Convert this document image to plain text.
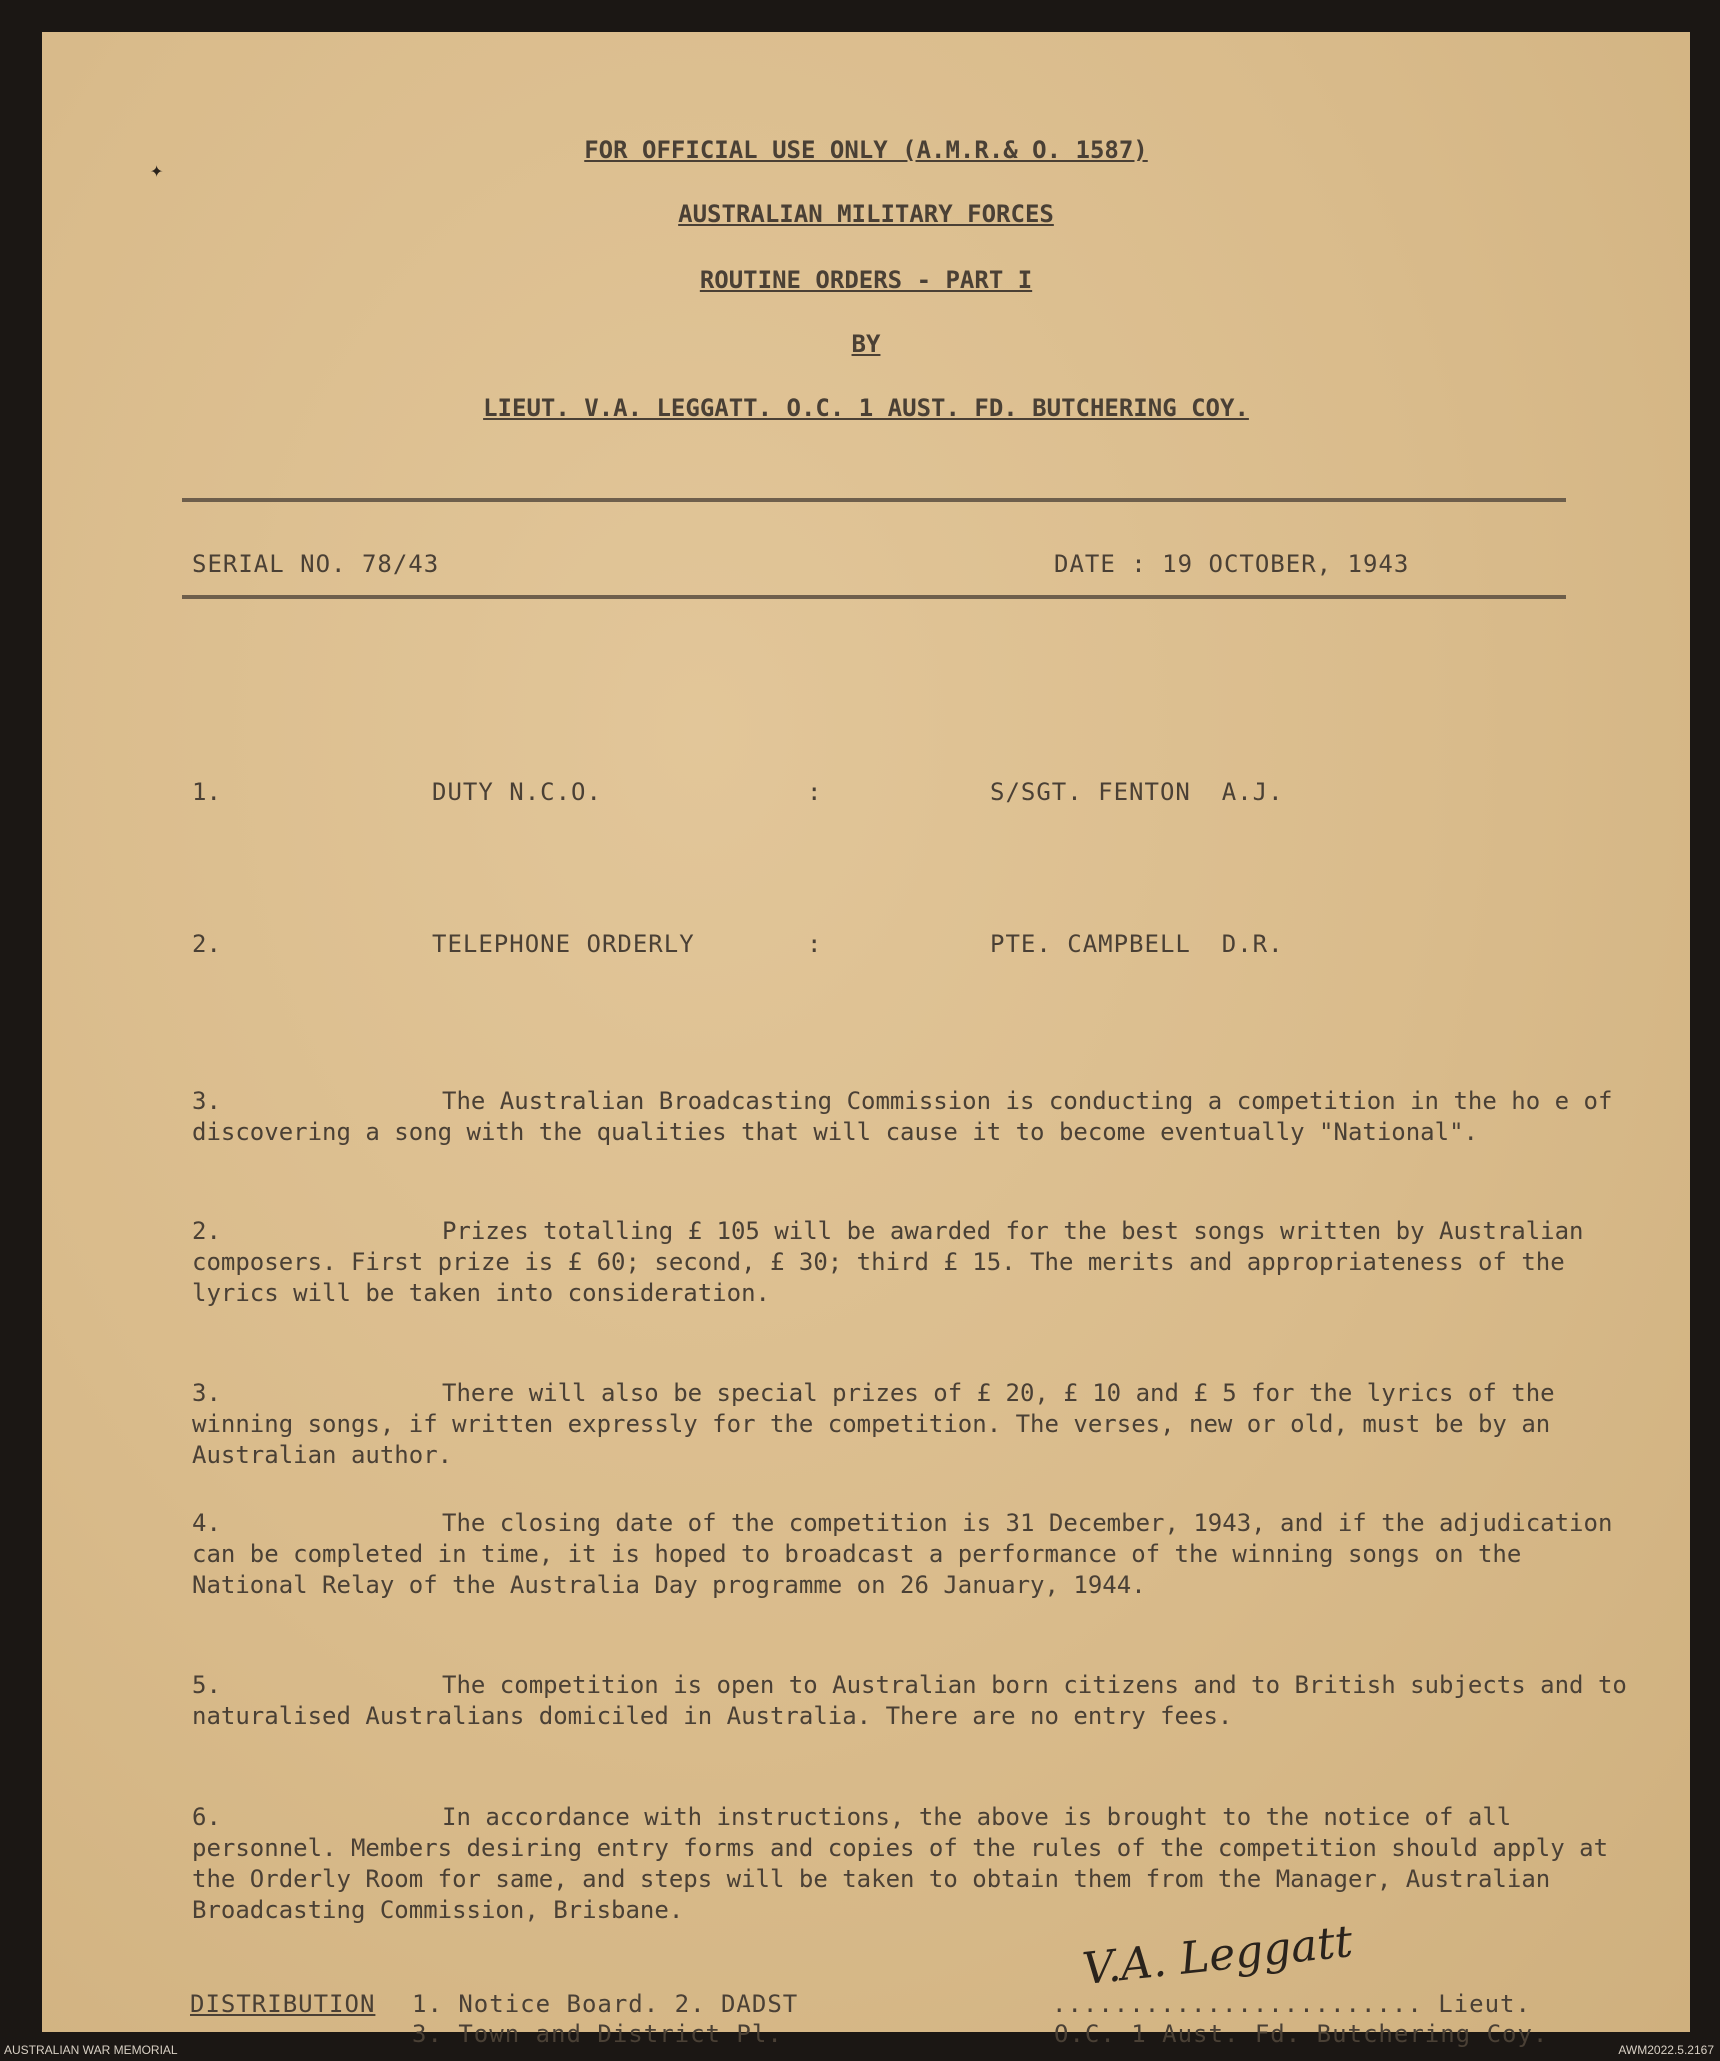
✦
FOR OFFICIAL USE ONLY (A.M.R.& O. 1587)
AUSTRALIAN MILITARY FORCES
ROUTINE ORDERS - PART I
BY
LIEUT. V.A. LEGGATT. O.C. 1 AUST. FD. BUTCHERING COY.
SERIAL NO. 78/43	DATE : 19 OCTOBER, 1943
1.	DUTY N.C.O.	:	S/SGT. FENTON  A.J.
2.	TELEPHONE ORDERLY	:	PTE. CAMPBELL  D.R.
3.	The Australian Broadcasting Commission is conducting a competition in the ho e of discovering a song with the qualities that will cause it to become eventually "National".
2.	Prizes totalling £ 105 will be awarded for the best songs written by Australian composers. First prize is £ 60; second, £ 30; third £ 15. The merits and appropriateness of the lyrics will be taken into consideration.
3.	There will also be special prizes of £ 20, £ 10 and £ 5 for the lyrics of the winning songs, if written expressly for the competition. The verses, new or old, must be by an Australian author.
4.	The closing date of the competition is 31 December, 1943, and if the adjudication can be completed in time, it is hoped to broadcast a performance of the winning songs on the National Relay of the Australia Day programme on 26 January, 1944.
5.	The competition is open to Australian born citizens and to British subjects and to naturalised Australians domiciled in Australia. There are no entry fees.
6.	In accordance with instructions, the above is brought to the notice of all personnel. Members desiring entry forms and copies of the rules of the competition should apply at the Orderly Room for same, and steps will be taken to obtain them from the Manager, Australian Broadcasting Commission, Brisbane.
DISTRIBUTION 1. Notice Board. 2. DADST
3. Town and District Pl.
........................ Lieut.
O.C. 1 Aust. Fd. Butchering Coy.
V.A. Leggatt
AUSTRALIAN WAR MEMORIAL	AWM2022.5.2167
